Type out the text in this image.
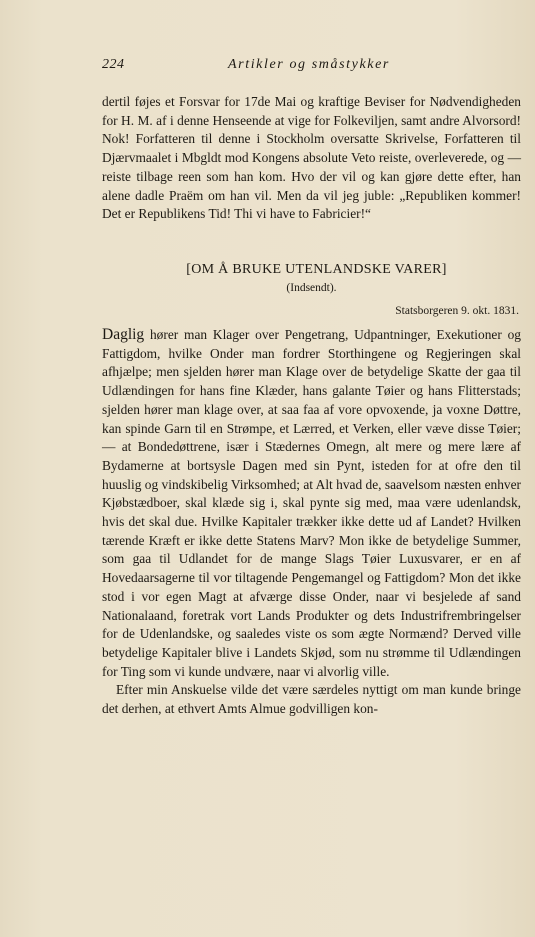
224	Artikler og småstykker

dertil føjes et Forsvar for 17de Mai og kraftige Beviser for Nødvendigheden for H. M. af i denne Henseende at vige for Folkeviljen, samt andre Alvorsord! Nok! Forfatteren til denne i Stockholm oversatte Skrivelse, Forfatteren til Djærvmaalet i Mbgldt mod Kongens absolute Veto reiste, overleverede, og — reiste tilbage reen som han kom. Hvo der vil og kan gjøre dette efter, han alene dadle Praëm om han vil. Men da vil jeg juble: „Republiken kommer! Det er Republikens Tid! Thi vi have to Fabricier!“

[OM Å BRUKE UTENLANDSKE VARER]
(Indsendt).
Statsborgeren 9. okt. 1831.

Daglig hører man Klager over Pengetrang, Udpantninger, Exekutioner og Fattigdom, hvilke Onder man fordrer Storthingene og Regjeringen skal afhjælpe; men sjelden hører man Klage over de betydelige Skatte der gaa til Udlændingen for hans fine Klæder, hans galante Tøier og hans Flitterstads; sjelden hører man klage over, at saa faa af vore opvoxende, ja voxne Døttre, kan spinde Garn til en Strømpe, et Lærred, et Verken, eller væve disse Tøier; — at Bondedøttrene, især i Stædernes Omegn, alt mere og mere lære af Bydamerne at bortsysle Dagen med sin Pynt, isteden for at ofre den til huuslig og vindskibelig Virksomhed; at Alt hvad de, saavelsom næsten enhver Kjøbstædboer, skal klæde sig i, skal pynte sig med, maa være udenlandsk, hvis det skal due. Hvilke Kapitaler trækker ikke dette ud af Landet? Hvilken tærende Kræft er ikke dette Statens Marv? Mon ikke de betydelige Summer, som gaa til Udlandet for de mange Slags Tøier Luxusvarer, er en af Hovedaarsagerne til vor tiltagende Pengemangel og Fattigdom? Mon det ikke stod i vor egen Magt at afværge disse Onder, naar vi besjelede af sand Nationalaand, foretrak vort Lands Produkter og dets Industrifrembringelser for de Udenlandske, og saaledes viste os som ægte Normænd? Derved ville betydelige Kapitaler blive i Landets Skjød, som nu strømme til Udlændingen for Ting som vi kunde undvære, naar vi alvorlig ville.

Efter min Anskuelse vilde det være særdeles nyttigt om man kunde bringe det derhen, at ethvert Amts Almue godvilligen kon-
